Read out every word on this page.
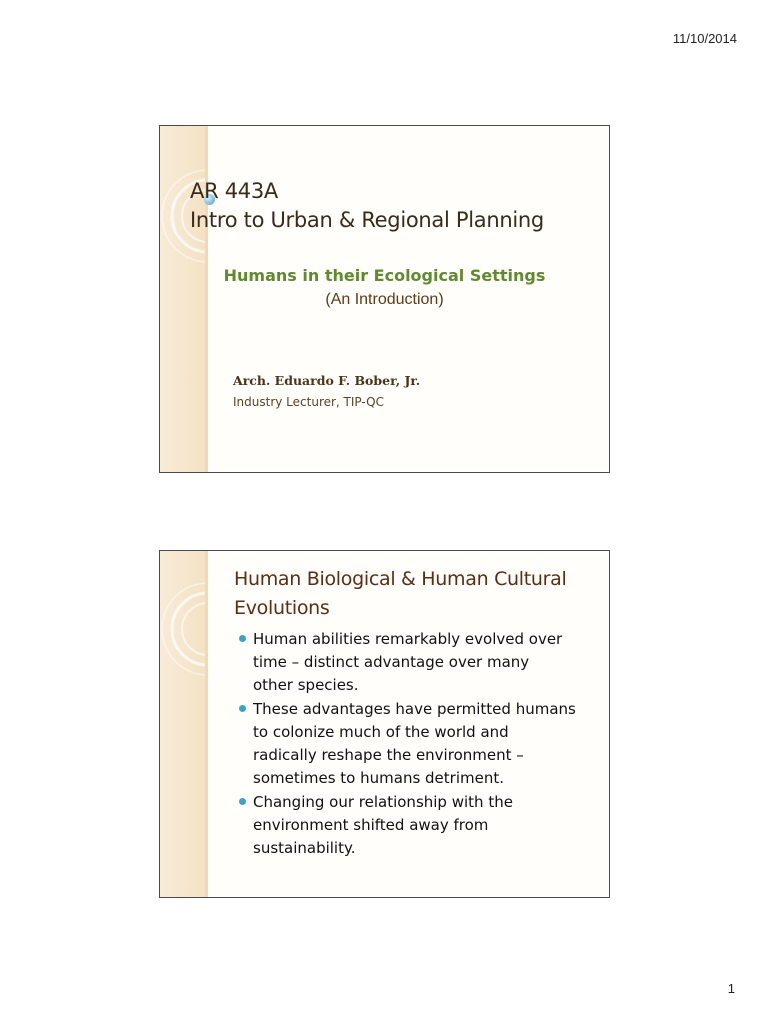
11/10/2014
AR 443A
Intro to Urban & Regional Planning
Humans in their Ecological Settings
(An Introduction)
Arch. Eduardo F. Bober, Jr.
Industry Lecturer, TIP-QC
Human Biological & Human Cultural
Evolutions
Human abilities remarkably evolved over
time – distinct advantage over many
other species.
These advantages have permitted humans
to colonize much of the world and
radically reshape the environment –
sometimes to humans detriment.
Changing our relationship with the
environment shifted away from
sustainability.
1
